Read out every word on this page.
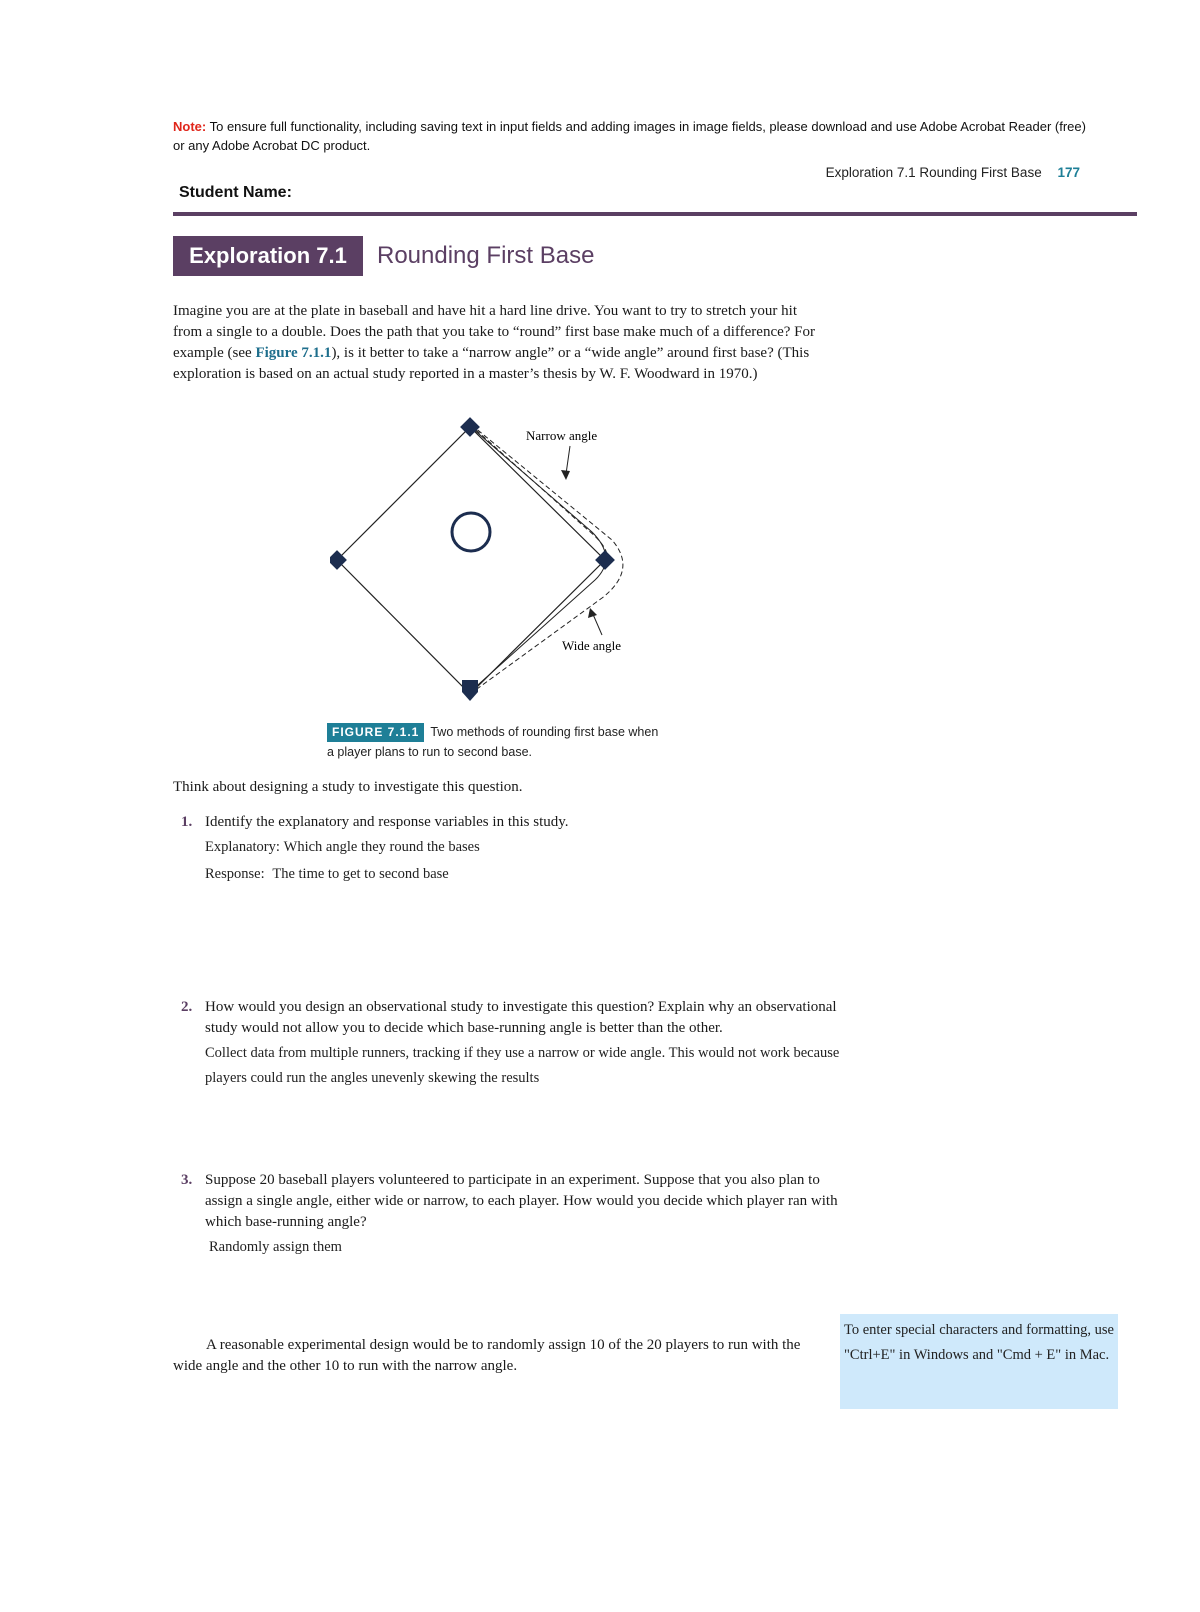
Note: To ensure full functionality, including saving text in input fields and adding images in image fields, please download and use Adobe Acrobat Reader (free) or any Adobe Acrobat DC product.
Exploration 7.1 Rounding First Base 177
Student Name:
Exploration 7.1	Rounding First Base
Imagine you are at the plate in baseball and have hit a hard line drive. You want to try to stretch your hit from a single to a double. Does the path that you take to “round” first base make much of a difference? For example (see Figure 7.1.1), is it better to take a “narrow angle” or a “wide angle” around first base? (This exploration is based on an actual study reported in a master’s thesis by W. F. Woodward in 1970.)
Narrow angle
Wide angle
FIGURE 7.1.1 Two methods of rounding first base when a player plans to run to second base.
Think about designing a study to investigate this question.
1. Identify the explanatory and response variables in this study.
Explanatory: Which angle they round the bases
Response: The time to get to second base
2. How would you design an observational study to investigate this question? Explain why an observational study would not allow you to decide which base-running angle is better than the other.
Collect data from multiple runners, tracking if they use a narrow or wide angle. This would not work because players could run the angles unevenly skewing the results
3. Suppose 20 baseball players volunteered to participate in an experiment. Suppose that you also plan to assign a single angle, either wide or narrow, to each player. How would you decide which player ran with which base-running angle?
Randomly assign them
A reasonable experimental design would be to randomly assign 10 of the 20 players to run with the wide angle and the other 10 to run with the narrow angle.
To enter special characters and formatting, use "Ctrl+E" in Windows and "Cmd + E" in Mac.
